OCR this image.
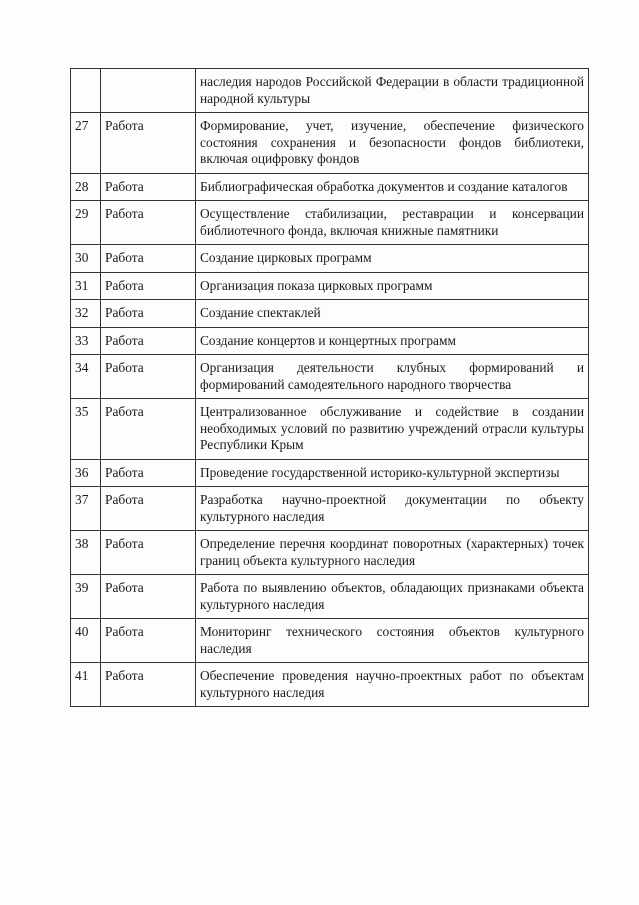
		наследия народов Российской Федерации в области традиционной народной культуры
27	Работа	Формирование, учет, изучение, обеспечение физического состояния сохранения и безопасности фондов библиотеки, включая оцифровку фондов
28	Работа	Библиографическая обработка документов и создание каталогов
29	Работа	Осуществление стабилизации, реставрации и консервации библиотечного фонда, включая книжные памятники
30	Работа	Создание цирковых программ
31	Работа	Организация показа цирковых программ
32	Работа	Создание спектаклей
33	Работа	Создание концертов и концертных программ
34	Работа	Организация деятельности клубных формирований и формирований самодеятельного народного творчества
35	Работа	Централизованное обслуживание и содействие в создании необходимых условий по развитию учреждений отрасли культуры Республики Крым
36	Работа	Проведение государственной историко-культурной экспертизы
37	Работа	Разработка научно-проектной документации по объекту культурного наследия
38	Работа	Определение перечня координат поворотных (характерных) точек границ объекта культурного наследия
39	Работа	Работа по выявлению объектов, обладающих признаками объекта культурного наследия
40	Работа	Мониторинг технического состояния объектов культурного наследия
41	Работа	Обеспечение проведения научно-проектных работ по объектам культурного наследия
